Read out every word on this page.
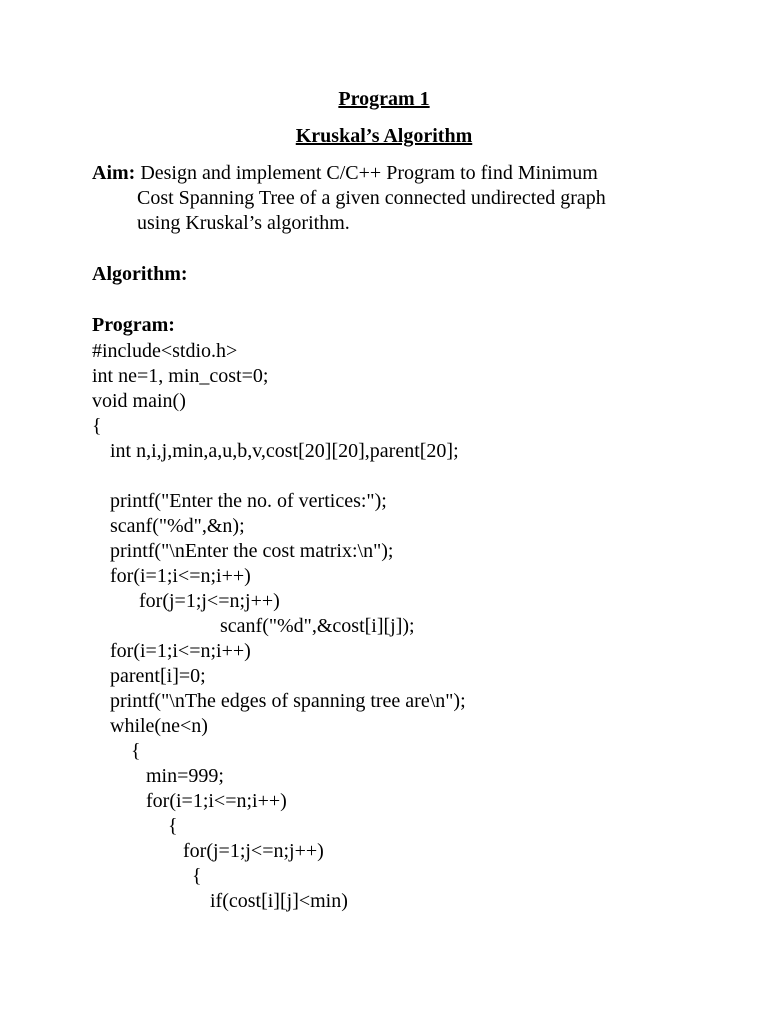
Program 1
Kruskal’s Algorithm
Aim: Design and implement C/C++ Program to find Minimum
Cost Spanning Tree of a given connected undirected graph
using Kruskal’s algorithm.
Algorithm:
Program:
#include<stdio.h>
int ne=1, min_cost=0;
void main()
{
int n,i,j,min,a,u,b,v,cost[20][20],parent[20];
printf("Enter the no. of vertices:");
scanf("%d",&n);
printf("\nEnter the cost matrix:\n");
for(i=1;i<=n;i++)
for(j=1;j<=n;j++)
scanf("%d",&cost[i][j]);
for(i=1;i<=n;i++)
parent[i]=0;
printf("\nThe edges of spanning tree are\n");
while(ne<n)
{
min=999;
for(i=1;i<=n;i++)
{
for(j=1;j<=n;j++)
{
if(cost[i][j]<min)
